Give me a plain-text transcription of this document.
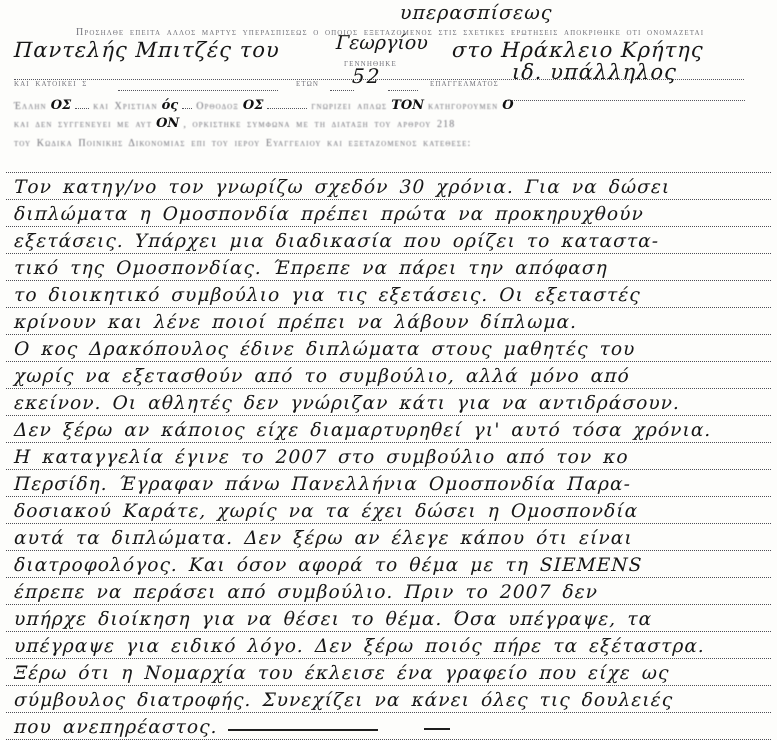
υπερασπίσεως
Προσήλθε έπειτα άλλος μάρτυς υπερασπίσεως ο οποίος εξεταζόμενος στις σχετικές ερωτήσεις αποκρίθηκε ότι ονομάζεται
Παντελής Μπιτζές του	Γεωργίου
γεννήθηκε
στο Ηράκλειο Κρήτης
και κατοικεί σ	ετών 52	επαγγέλματος ιδ. υπάλληλος
Έλλην ΟΣ και Χριστιαν ός Ορθόδοξ ΟΣ	γνωρίζει απλώς ΤΟΝ κατηγορούμεν Ο
και δεν συγγενεύει με αυτ ΟΝ , ορκίστηκε σύμφωνα με τη διάταξη του άρθρου 218
του Κώδικα Ποινικής Δικονομίας επί του ιερού Ευαγγελίου και εξεταζόμενος κατέθεσε:
Τον κατηγ/νο τον γνωρίζω σχεδόν 30 χρόνια. Για να δώσει
διπλώματα η Ομοσπονδία πρέπει πρώτα να προκηρυχθούν
εξετάσεις. Υπάρχει μια διαδικασία που ορίζει το καταστα-
τικό της Ομοσπονδίας. Έπρεπε να πάρει την απόφαση
το διοικητικό συμβούλιο για τις εξετάσεις. Οι εξεταστές
κρίνουν και λένε ποιοί πρέπει να λάβουν δίπλωμα.
Ο κος Δρακόπουλος έδινε διπλώματα στους μαθητές του
χωρίς να εξετασθούν από το συμβούλιο, αλλά μόνο από
εκείνον. Οι αθλητές δεν γνώριζαν κάτι για να αντιδράσουν.
Δεν ξέρω αν κάποιος είχε διαμαρτυρηθεί γι' αυτό τόσα χρόνια.
Η καταγγελία έγινε το 2007 στο συμβούλιο από τον κο
Περσίδη. Έγραφαν πάνω Πανελλήνια Ομοσπονδία Παρα-
δοσιακού Καράτε, χωρίς να τα έχει δώσει η Ομοσπονδία
αυτά τα διπλώματα. Δεν ξέρω αν έλεγε κάπου ότι είναι
διατροφολόγος. Και όσον αφορά το θέμα με τη SIEMENS
έπρεπε να περάσει από συμβούλιο. Πριν το 2007 δεν
υπήρχε διοίκηση για να θέσει το θέμα. Όσα υπέγραψε, τα
υπέγραψε για ειδικό λόγο. Δεν ξέρω ποιός πήρε τα εξέταστρα.
Ξέρω ότι η Νομαρχία του έκλεισε ένα γραφείο που είχε ως
σύμβουλος διατροφής. Συνεχίζει να κάνει όλες τις δουλειές
που ανεπηρέαστος.
